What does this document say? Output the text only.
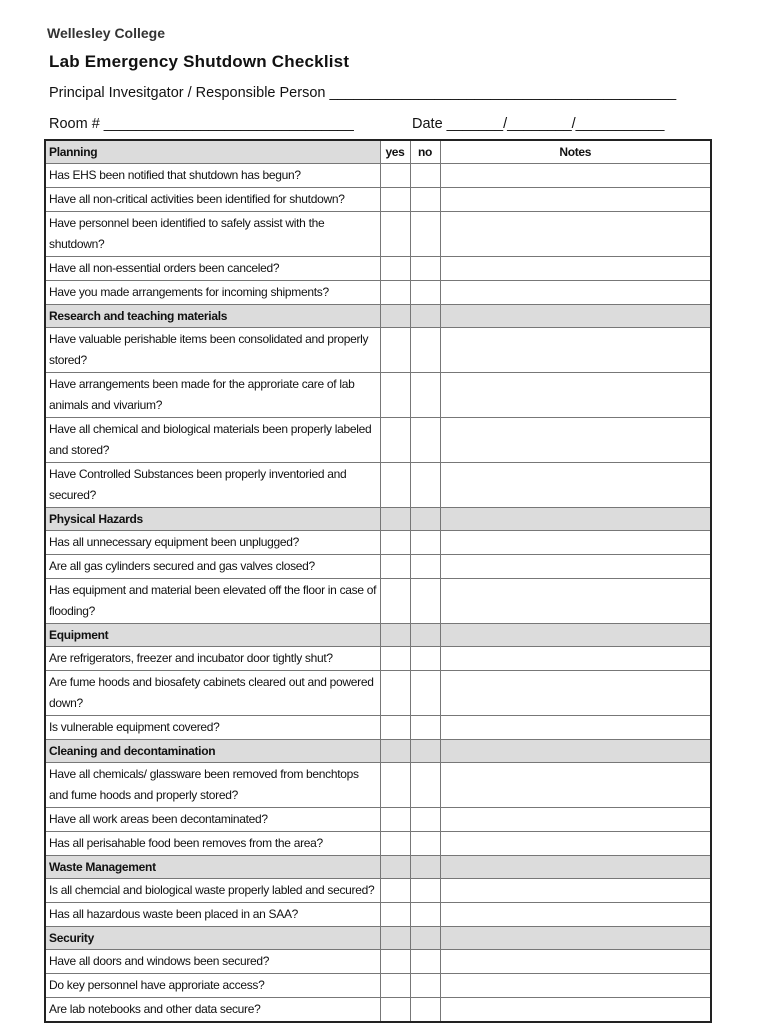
Wellesley College
Lab Emergency Shutdown Checklist
Principal Invesitgator / Responsible Person ___________________________________________
Room # _______________________________	Date _______/________/___________
Planning	yes	no	Notes
Has EHS been notified that shutdown has begun?			
Have all non-critical activities been identified for shutdown?			
Have personnel been identified to safely assist with the shutdown?			
Have all non-essential orders been canceled?			
Have you made arrangements for incoming shipments?			
Research and teaching materials			
Have valuable perishable items been consolidated and properly stored?			
Have arrangements been made for the approriate care of lab animals and vivarium?			
Have all chemical and biological materials been properly labeled and stored?			
Have Controlled Substances been properly inventoried and secured?			
Physical Hazards			
Has all unnecessary equipment been unplugged?			
Are all gas cylinders secured and gas valves closed?			
Has equipment and material been elevated off the floor in case of flooding?			
Equipment			
Are refrigerators, freezer and incubator door tightly shut?			
Are fume hoods and biosafety cabinets cleared out and powered down?			
Is vulnerable equipment covered?			
Cleaning and decontamination			
Have all chemicals/ glassware been removed from benchtops and fume hoods and properly stored?			
Have all work areas been decontaminated?			
Has all perisahable food been removes from the area?			
Waste Management			
Is all chemcial and biological waste properly labled and secured?			
Has all hazardous waste been placed in an SAA?			
Security			
Have all doors and windows been secured?			
Do key personnel have approriate access?			
Are lab notebooks and other data secure?			
